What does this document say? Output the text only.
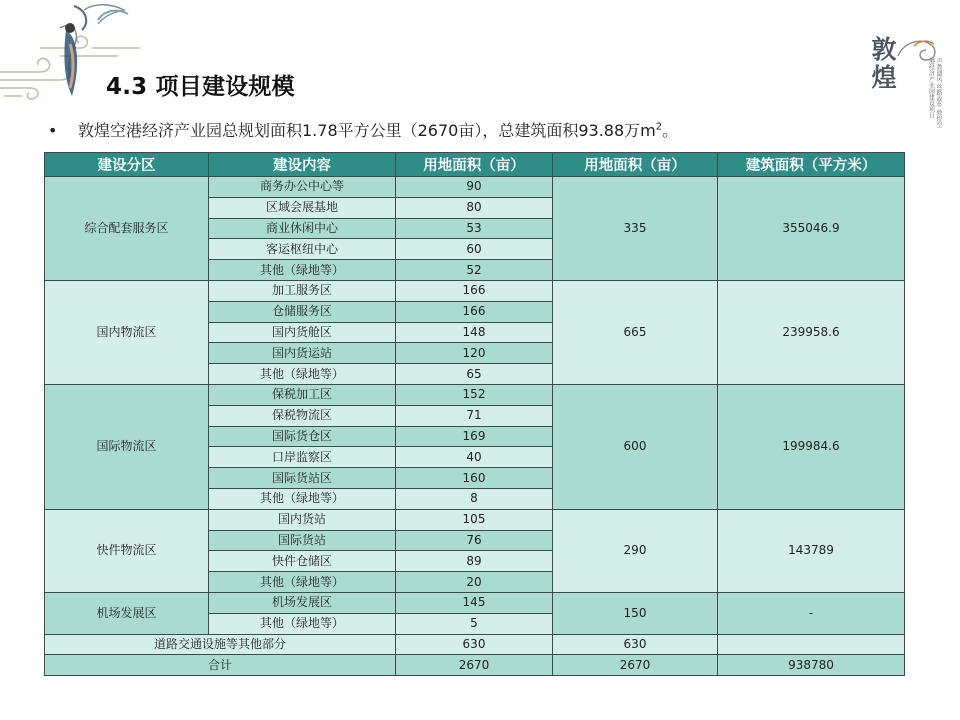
敦
煌	声教遗风 丝路故乡 敦煌空港经济产业园建设项目
4.3 项目建设规模
• 敦煌空港经济产业园总规划面积1.78平方公里（2670亩），总建筑面积93.88万$m^2$。
建设分区	建设内容	用地面积（亩）	用地面积（亩）	建筑面积（平方米）
综合配套服务区	商务办公中心等	90	335	355046.9
	区域会展基地	80		
	商业休闲中心	53		
	客运枢纽中心	60		
	其他（绿地等）	52		
国内物流区	加工服务区	166	665	239958.6
	仓储服务区	166		
	国内货舱区	148		
	国内货运站	120		
	其他（绿地等）	65		
国际物流区	保税加工区	152	600	199984.6
	保税物流区	71		
	国际货仓区	169		
	口岸监察区	40		
	国际货站区	160		
	其他（绿地等）	8		
快件物流区	国内货站	105	290	143789
	国际货站	76		
	快件仓储区	89		
	其他（绿地等）	20		
机场发展区	机场发展区	145	150	-
	其他（绿地等）	5		
道路交通设施等其他部分		630	630	
合计		2670	2670	938780
